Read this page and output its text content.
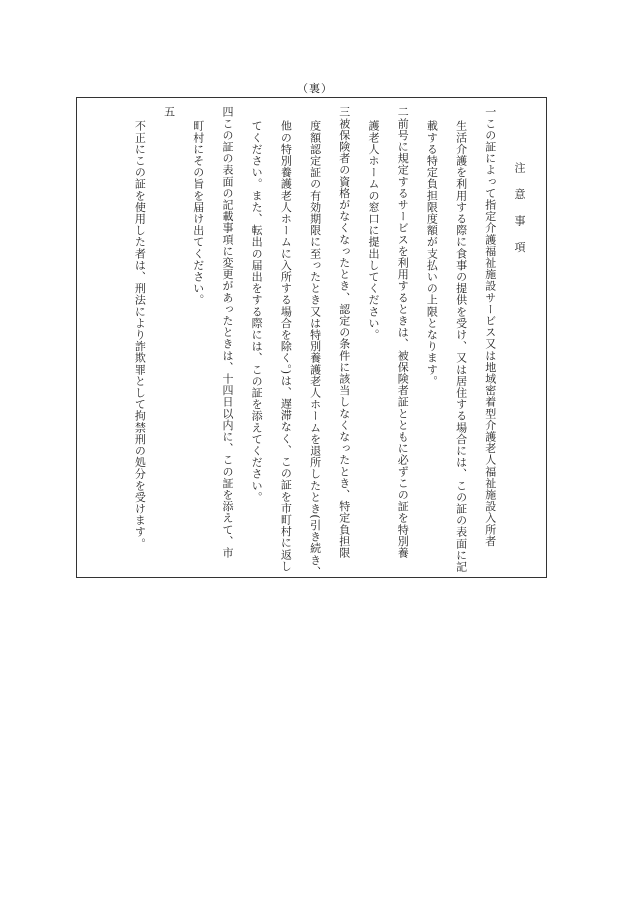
（裏）
注 意 事 項
一この証によって指定介護福祉施設サービス又は地域密着型介護老人福祉施設入所者
生活介護を利用する際に食事の提供を受け、又は居住する場合には、この証の表面に記
載する特定負担限度額が支払いの上限となります。
二前号に規定するサービスを利用するときは、被保険者証とともに必ずこの証を特別養
護老人ホームの窓口に提出してください。
三被保険者の資格がなくなったとき、認定の条件に該当しなくなったとき、特定負担限
度額認定証の有効期限に至ったとき又は特別養護老人ホームを退所したとき(引き続き、
他の特別養護老人ホームに入所する場合を除く。)は、遅滞なく、この証を市町村に返し
てください。また、転出の届出をする際には、この証を添えてください。
四この証の表面の記載事項に変更があったときは、十四日以内に、この証を添えて、市
町村にその旨を届け出てください。
五
不正にこの証を使用した者は、刑法により詐欺罪として拘禁刑の処分を受けます。
